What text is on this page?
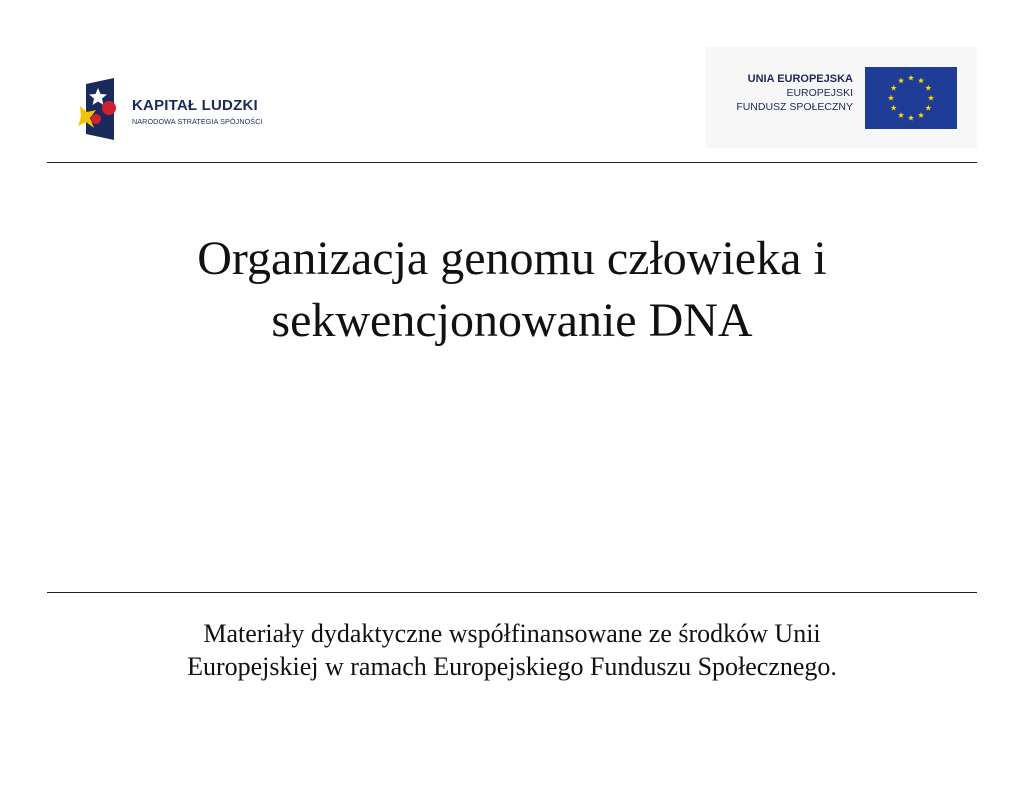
KAPITAŁ LUDZKI
NARODOWA STRATEGIA SPÓJNOŚCI
UNIA EUROPEJSKA
EUROPEJSKI
FUNDUSZ SPOŁECZNY
Organizacja genomu człowieka i
sekwencjonowanie DNA
Materiały dydaktyczne współfinansowane ze środków Unii
Europejskiej w ramach Europejskiego Funduszu Społecznego.
